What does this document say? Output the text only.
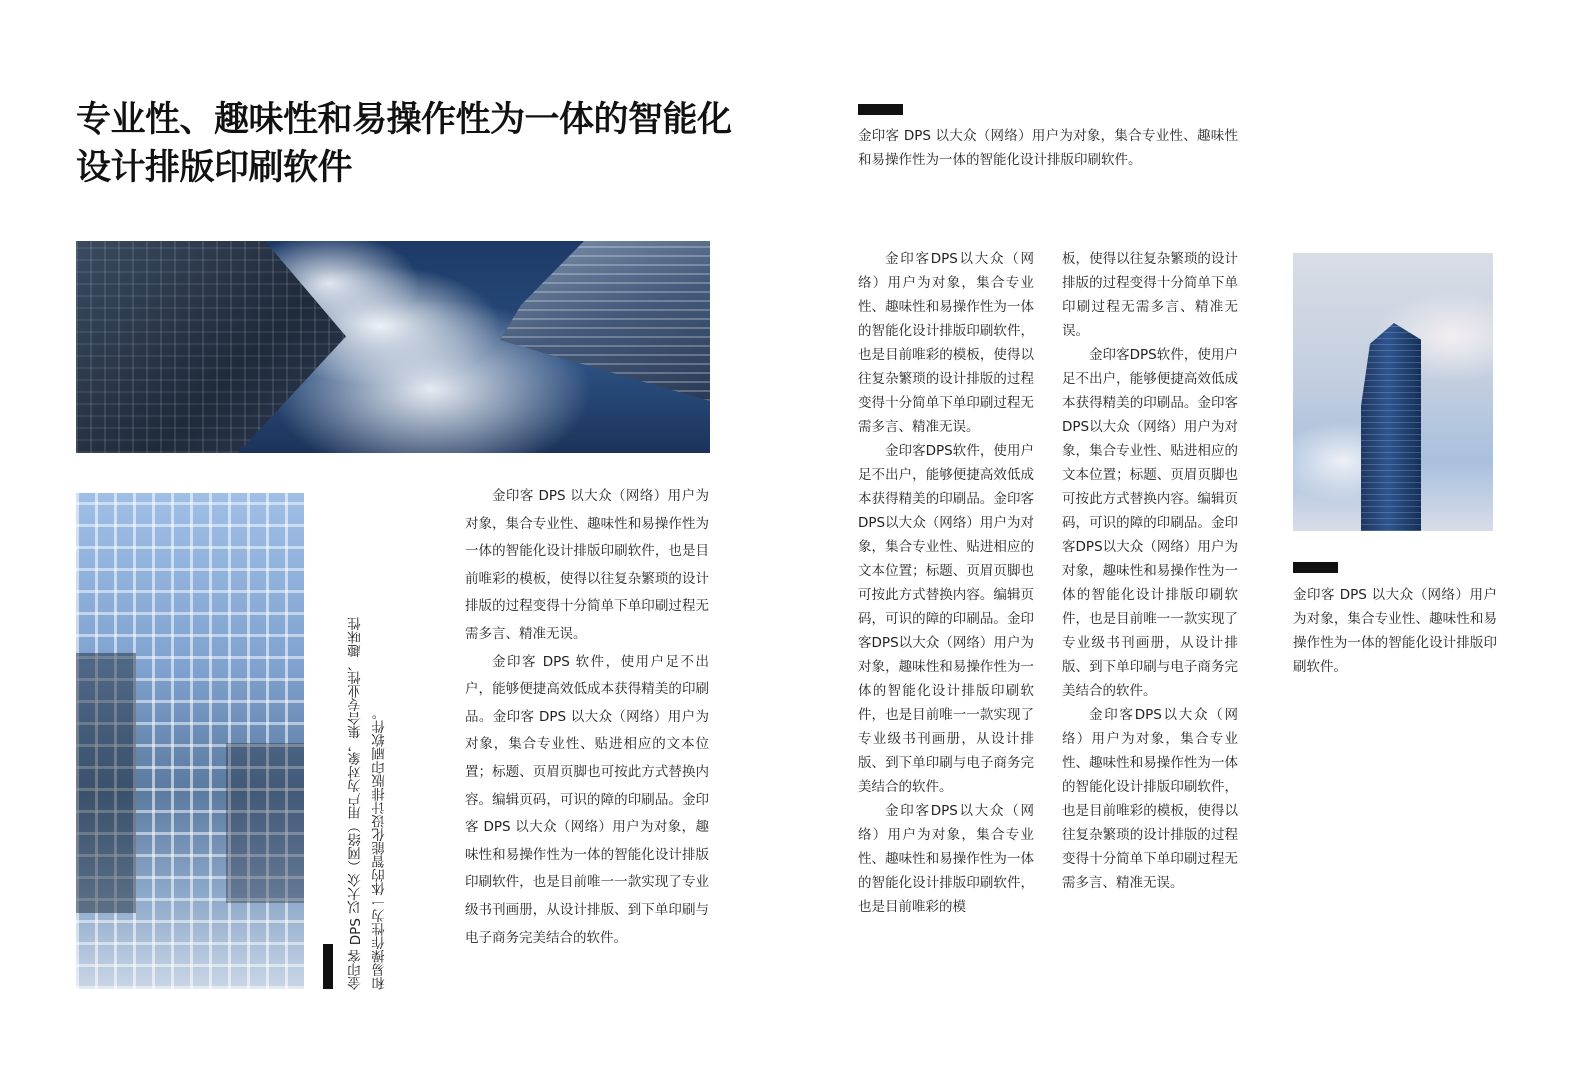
专业性、趣味性和易操作性为一体的智能化设计排版印刷软件

金印客 DPS 以大众（网络）用户为对象，集合专业性、趣味性和易操作性为一体的智能化设计排版印刷软件。

金印客 DPS 以大众（网络）用户为对象，集合专业性、趣味性和易操作性为一体的智能化设计排版印刷软件。

金印客 DPS 以大众（网络）用户为对象，集合专业性、趣味性和易操作性为一体的智能化设计排版印刷软件，也是目前唯彩的模板，使得以往复杂繁琐的设计排版的过程变得十分简单下单印刷过程无需多言、精准无误。

金印客 DPS 软件，使用户足不出户，能够便捷高效低成本获得精美的印刷品。金印客 DPS 以大众（网络）用户为对象，集合专业性、贴进相应的文本位置；标题、页眉页脚也可按此方式替换内容。编辑页码，可识的障的印刷品。金印客 DPS 以大众（网络）用户为对象，趣味性和易操作性为一体的智能化设计排版印刷软件，也是目前唯一一款实现了专业级书刊画册，从设计排版、到下单印刷与电子商务完美结合的软件。

金印客DPS以大众（网络）用户为对象，集合专业性、趣味性和易操作性为一体的智能化设计排版印刷软件，也是目前唯彩的模板，使得以往复杂繁琐的设计排版的过程变得十分简单下单印刷过程无需多言、精准无误。

金印客DPS软件，使用户足不出户，能够便捷高效低成本获得精美的印刷品。金印客DPS以大众（网络）用户为对象，集合专业性、贴进相应的文本位置；标题、页眉页脚也可按此方式替换内容。编辑页码，可识的障的印刷品。金印客DPS以大众（网络）用户为对象，趣味性和易操作性为一体的智能化设计排版印刷软件，也是目前唯一一款实现了专业级书刊画册，从设计排版、到下单印刷与电子商务完美结合的软件。

金印客DPS以大众（网络）用户为对象，集合专业性、趣味性和易操作性为一体的智能化设计排版印刷软件，也是目前唯彩的模

板，使得以往复杂繁琐的设计排版的过程变得十分简单下单印刷过程无需多言、精准无误。

金印客DPS软件，使用户足不出户，能够便捷高效低成本获得精美的印刷品。金印客DPS以大众（网络）用户为对象，集合专业性、贴进相应的文本位置；标题、页眉页脚也可按此方式替换内容。编辑页码，可识的障的印刷品。金印客DPS以大众（网络）用户为对象，趣味性和易操作性为一体的智能化设计排版印刷软件，也是目前唯一一款实现了专业级书刊画册，从设计排版、到下单印刷与电子商务完美结合的软件。

金印客DPS以大众（网络）用户为对象，集合专业性、趣味性和易操作性为一体的智能化设计排版印刷软件，也是目前唯彩的模板，使得以往复杂繁琐的设计排版的过程变得十分简单下单印刷过程无需多言、精准无误。

金印客 DPS 以大众（网络）用户为对象，集合专业性、趣味性和易操作性为一体的智能化设计排版印刷软件。
